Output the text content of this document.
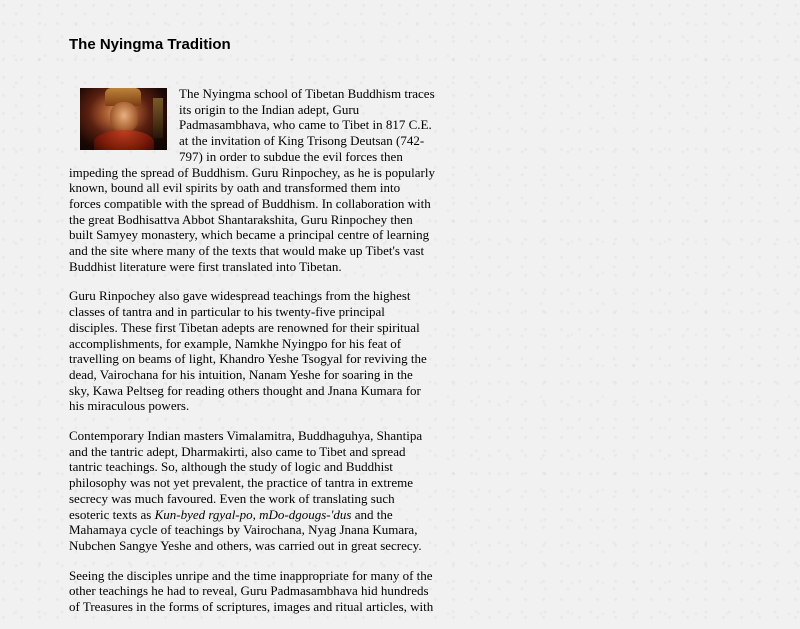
The Nyingma Tradition

The Nyingma school of Tibetan Buddhism traces its origin to the Indian adept, Guru Padmasambhava, who came to Tibet in 817 C.E. at the invitation of King Trisong Deutsan (742-797) in order to subdue the evil forces then impeding the spread of Buddhism. Guru Rinpochey, as he is popularly known, bound all evil spirits by oath and transformed them into forces compatible with the spread of Buddhism. In collaboration with the great Bodhisattva Abbot Shantarakshita, Guru Rinpochey then built Samyey monastery, which became a principal centre of learning and the site where many of the texts that would make up Tibet's vast Buddhist literature were first translated into Tibetan.

Guru Rinpochey also gave widespread teachings from the highest classes of tantra and in particular to his twenty-five principal disciples. These first Tibetan adepts are renowned for their spiritual accomplishments, for example, Namkhe Nyingpo for his feat of travelling on beams of light, Khandro Yeshe Tsogyal for reviving the dead, Vairochana for his intuition, Nanam Yeshe for soaring in the sky, Kawa Peltseg for reading others thought and Jnana Kumara for his miraculous powers.

Contemporary Indian masters Vimalamitra, Buddhaguhya, Shantipa and the tantric adept, Dharmakirti, also came to Tibet and spread tantric teachings. So, although the study of logic and Buddhist philosophy was not yet prevalent, the practice of tantra in extreme secrecy was much favoured. Even the work of translating such esoteric texts as Kun-byed rgyal-po, mDo-dgougs-'dus and the Mahamaya cycle of teachings by Vairochana, Nyag Jnana Kumara, Nubchen Sangye Yeshe and others, was carried out in great secrecy.

Seeing the disciples unripe and the time inappropriate for many of the other teachings he had to reveal, Guru Padmasambhava hid hundreds of Treasures in the forms of scriptures, images and ritual articles, with
